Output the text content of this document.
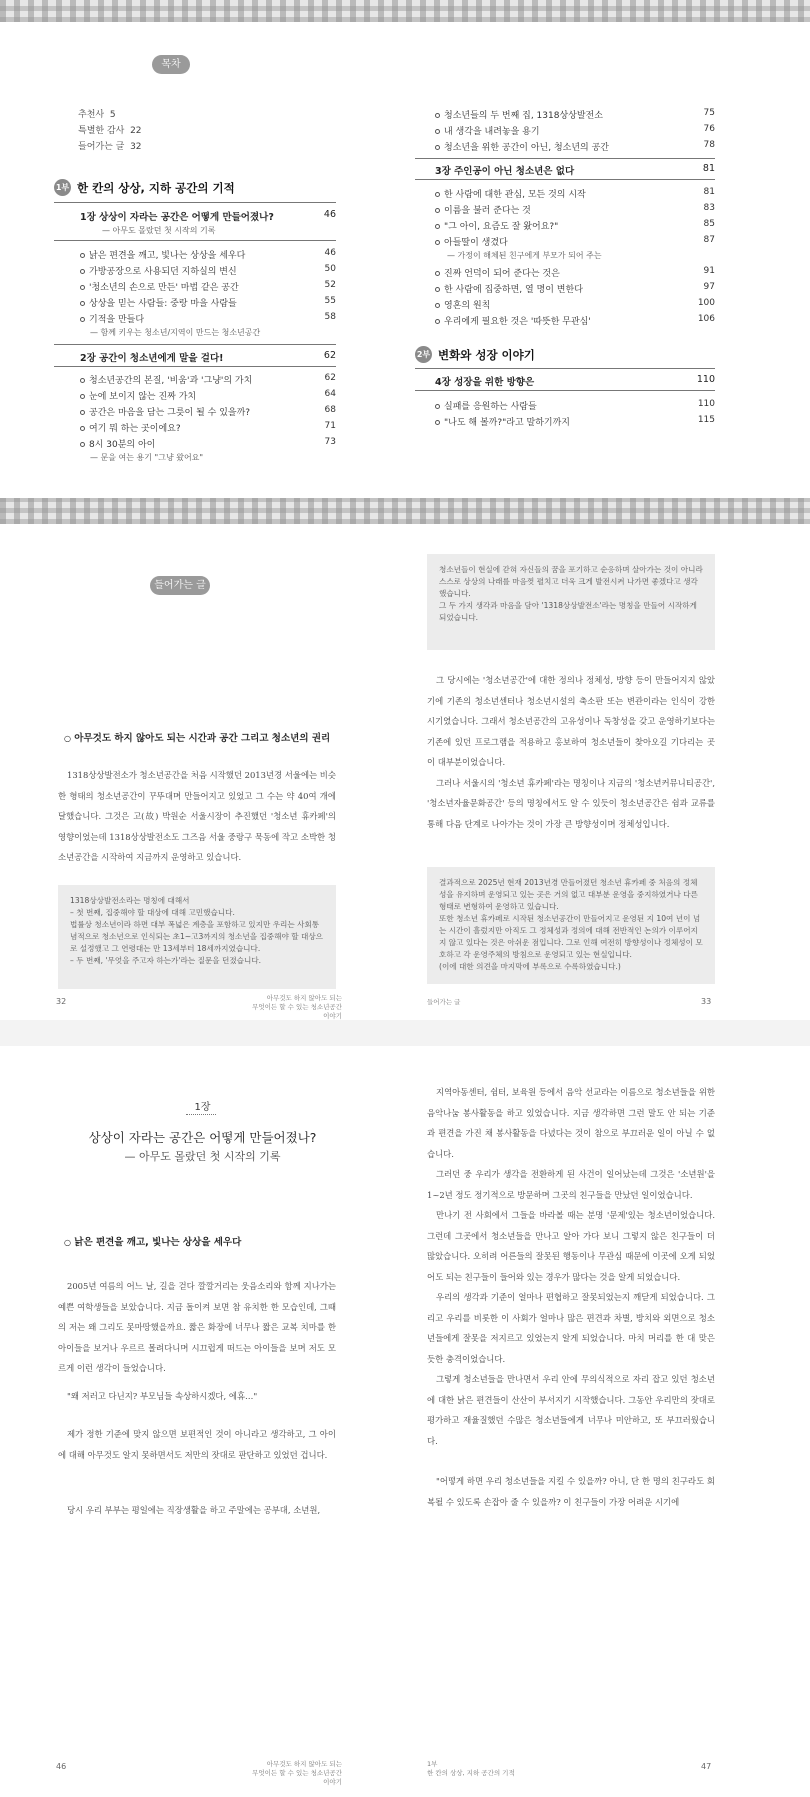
목차
추천사 5
특별한 감사 22
들어가는 글 32
1부 한 칸의 상상, 지하 공간의 기적
1장 상상이 자라는 공간은 어떻게 만들어졌나?	46
— 아무도 몰랐던 첫 시작의 기록
낡은 편견을 깨고, 빛나는 상상을 세우다	46
가방공장으로 사용되던 지하실의 변신	50
'청소년의 손으로 만든' 마법 같은 공간	52
상상을 믿는 사람들: 중랑 마을 사람들	55
기적을 만들다	58
— 함께 키우는 청소년/지역이 만드는 청소년공간
2장 공간이 청소년에게 말을 걸다!	62
청소년공간의 본질, '비움'과 '그냥'의 가치	62
눈에 보이지 않는 진짜 가치	64
공간은 마음을 담는 그릇이 될 수 있을까?	68
여기 뭐 하는 곳이에요?	71
8시 30분의 아이	73
— 문을 여는 용기 "그냥 왔어요"
청소년들의 두 번째 집, 1318상상발전소	75
내 생각을 내려놓을 용기	76
청소년을 위한 공간이 아닌, 청소년의 공간	78
3장 주인공이 아닌 청소년은 없다	81
한 사람에 대한 관심, 모든 것의 시작	81
이름을 불러 준다는 것	83
"그 아이, 요즘도 잘 왔어요?"	85
아들딸이 생겼다	87
— 가정이 해체된 친구에게 부모가 되어 주는
진짜 언덕이 되어 준다는 것은	91
한 사람에 집중하면, 열 명이 변한다	97
영혼의 원칙	100
우리에게 필요한 것은 '따뜻한 무관심'	106
2부 변화와 성장 이야기
4장 성장을 위한 방향은	110
실패를 응원하는 사람들	110
"나도 해 볼까?"라고 말하기까지	115
들어가는 글
○ 아무것도 하지 않아도 되는 시간과 공간 그리고 청소년의 권리

1318상상발전소가 청소년공간을 처음 시작했던 2013년경 서울에는 비슷한 형태의 청소년공간이 꾸뚜대며 만들어지고 있었고 그 수는 약 40여 개에 달했습니다. 그것은 고(故) 박원순 서울시장이 추진했던 '청소년 휴카페'의 영향이었는데 1318상상발전소도 그즈음 서울 중랑구 묵동에 작고 소박한 청소년공간을 시작하여 지금까지 운영하고 있습니다.

1318상상발전소라는 명칭에 대해서
– 첫 번째, 집중해야 할 대상에 대해 고민했습니다.
법률상 청소년이라 하면 대부 폭넓은 계층을 포함하고 있지만 우리는 사회통념적으로 청소년으로 인식되는 초1~고3까지의 청소년을 집중해야 할 대상으로 설정했고 그 연령대는 만 13세부터 18세까지였습니다.
– 두 번째, '무엇을 주고자 하는가'라는 질문을 던졌습니다.
32	아무것도 하지 않아도 되는
무엇이든 할 수 있는 청소년공간이야기
청소년들이 현실에 갇혀 자신들의 꿈을 포기하고 순응하며 살아가는 것이 아니라 스스로 상상의 나래를 마음껏 펼치고 더욱 크게 발전시켜 나가면 좋겠다고 생각했습니다.
그 두 가지 생각과 마음을 담아 '1318상상발전소'라는 명칭을 만들어 시작하게 되었습니다.

그 당시에는 '청소년공간'에 대한 정의나 정체성, 방향 등이 만들어지지 않았기에 기존의 청소년센터나 청소년시설의 축소판 또는 변관이라는 인식이 강한 시기였습니다. 그래서 청소년공간의 고유성이나 독창성을 갖고 운영하기보다는 기존에 있던 프로그램을 적용하고 홍보하여 청소년들이 찾아오길 기다리는 곳이 대부분이었습니다.

그러나 서울시의 '청소년 휴카페'라는 명칭이나 지금의 '청소년커뮤니티공간', '청소년자율문화공간' 등의 명칭에서도 알 수 있듯이 청소년공간은 쉼과 교류를 통해 다음 단계로 나아가는 것이 가장 큰 방향성이며 정체성입니다.

결과적으로 2025년 현재 2013년경 만들어졌던 청소년 휴카페 중 처음의 정체성을 유지하며 운영되고 있는 곳은 거의 없고 대부분 운영을 중지하였거나 다른 형태로 변형하여 운영하고 있습니다.
또한 청소년 휴카페로 시작된 청소년공간이 만들어지고 운영된 지 10여 년이 넘는 시간이 흘렀지만 아직도 그 정체성과 정의에 대해 전반적인 논의가 이루어지지 않고 있다는 것은 아쉬운 점입니다. 그로 인해 여전히 방향성이나 정체성이 모호하고 각 운영주체의 방침으로 운영되고 있는 현실입니다.
(이에 대한 의견을 마지막에 부록으로 수록하였습니다.)
들어가는 글	33
1장
상상이 자라는 공간은 어떻게 만들어졌나?
— 아무도 몰랐던 첫 시작의 기록
○ 낡은 편견을 깨고, 빛나는 상상을 세우다

2005년 여름의 어느 날, 길을 걷다 깔깔거리는 웃음소리와 함께 지나가는 예쁜 여학생들을 보았습니다. 지금 돌이켜 보면 참 유치한 한 모습인데, 그때의 저는 왜 그리도 못마땅했을까요. 짧은 화장에 너무나 짧은 교복 치마를 한 아이들을 보거나 우르르 몰려다니며 시끄럽게 떠드는 아이들을 보며 저도 모르게 이런 생각이 들었습니다.

"왜 저러고 다닌지? 부모님들 속상하시겠다, 에휴…"

제가 정한 기준에 맞지 않으면 보편적인 것이 아니라고 생각하고, 그 아이에 대해 아무것도 알지 못하면서도 저만의 잣대로 판단하고 있었던 겁니다.

당시 우리 부부는 평일에는 직장생활을 하고 주말에는 공부대, 소년원,

46	아무것도 하지 않아도 되는
무엇이든 할 수 있는 청소년공간이야기

지역아동센터, 쉼터, 보육원 등에서 음악 선교라는 이름으로 청소년들을 위한 음악나눔 봉사활동을 하고 있었습니다. 지금 생각하면 그런 말도 안 되는 기준과 편견을 가진 채 봉사활동을 다녔다는 것이 참으로 부끄러운 일이 아닐 수 없습니다.

그러던 중 우리가 생각을 전환하게 된 사건이 일어났는데 그것은 '소년원'을 1~2년 정도 정기적으로 방문하며 그곳의 친구들을 만났던 일이었습니다.

만나기 전 사회에서 그들을 바라볼 때는 분명 '문제'있는 청소년이었습니다. 그런데 그곳에서 청소년들을 만나고 알아 가다 보니 그렇지 않은 친구들이 더 많았습니다. 오히려 어른들의 잘못된 행동이나 무관심 때문에 이곳에 오게 되었어도 되는 친구들이 들어와 있는 경우가 많다는 것을 알게 되었습니다.

우리의 생각과 기준이 얼마나 편협하고 잘못되었는지 깨닫게 되었습니다. 그리고 우리를 비롯한 이 사회가 얼마나 많은 편견과 차별, 방치와 외면으로 청소년들에게 잘못을 저지르고 있었는지 알게 되었습니다. 마치 머리를 한 대 맞은 듯한 충격이었습니다.

그렇게 청소년들을 만나면서 우리 안에 무의식적으로 자리 잡고 있던 청소년에 대한 낡은 편견들이 산산이 부서지기 시작했습니다. 그동안 우리만의 잣대로 평가하고 재율질했던 수많은 청소년들에게 너무나 미안하고, 또 부끄러웠습니다.

"어떻게 하면 우리 청소년들을 지킬 수 있을까? 아니, 단 한 명의 친구라도 회복될 수 있도록 손잡아 줄 수 있을까? 이 친구들이 가장 어려운 시기에

1부
한 칸의 상상, 지하 공간의 기적
47
